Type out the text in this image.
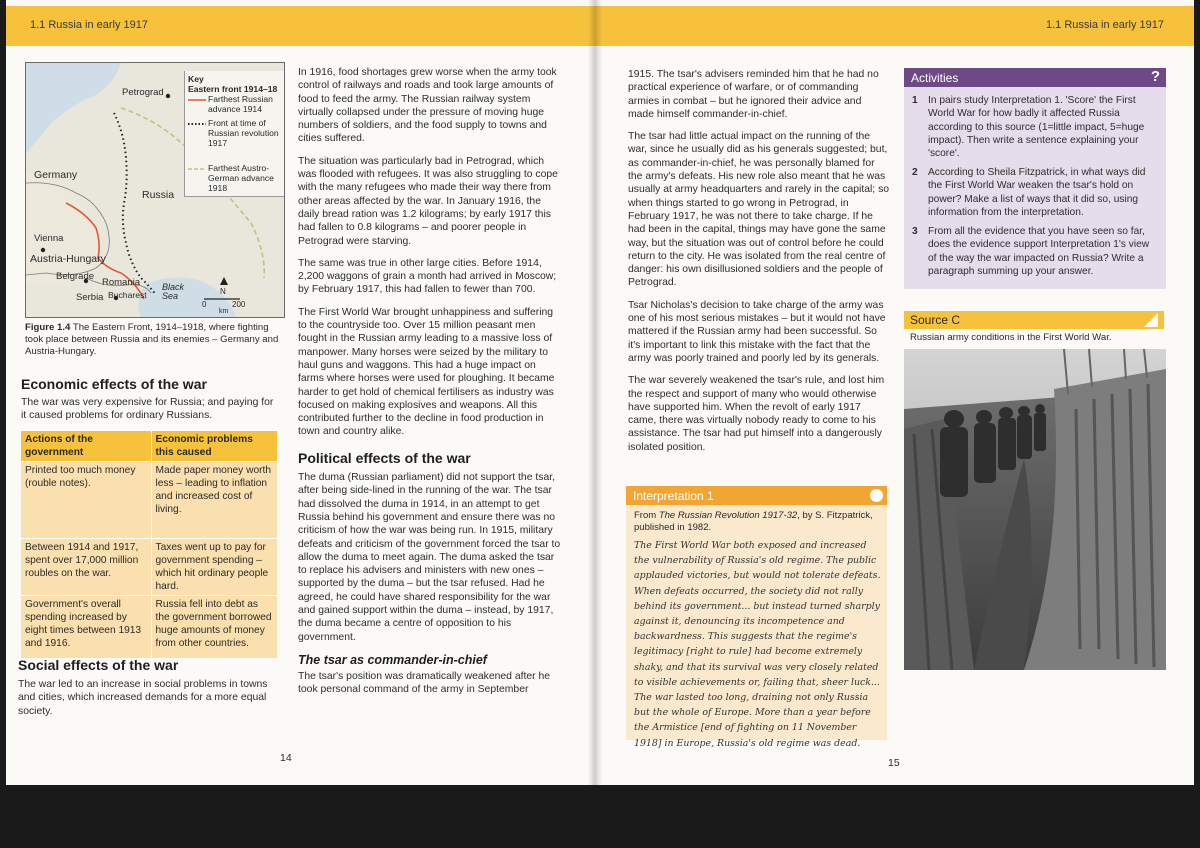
1.1 Russia in early 1917	1.1 Russia in early 1917
Petrograd
Germany
Russia
Vienna
Austria-Hungary
Belgrade
Romania
Serbia Bucharest
Black Sea	N
0	200
km
Key
Eastern front 1914–18
Farthest Russian advance 1914
Front at time of Russian revolution 1917
Farthest Austro-German advance 1918
Figure 1.4 The Eastern Front, 1914–1918, where fighting took place between Russia and its enemies – Germany and Austria-Hungary.
Economic effects of the war
The war was very expensive for Russia; and paying for it caused problems for ordinary Russians.
Actions of the government	Economic problems this caused
Printed too much money (rouble notes).	Made paper money worth less – leading to inflation and increased cost of living.
Between 1914 and 1917, spent over 17,000 million roubles on the war.	Taxes went up to pay for government spending – which hit ordinary people hard.
Government's overall spending increased by eight times between 1913 and 1916.	Russia fell into debt as the government borrowed huge amounts of money from other countries.
Social effects of the war
The war led to an increase in social problems in towns and cities, which increased demands for a more equal society.
14

In 1916, food shortages grew worse when the army took control of railways and roads and took large amounts of food to feed the army. The Russian railway system virtually collapsed under the pressure of moving huge numbers of soldiers, and the food supply to towns and cities suffered.

The situation was particularly bad in Petrograd, which was flooded with refugees. It was also struggling to cope with the many refugees who made their way there from other areas affected by the war. In January 1916, the daily bread ration was 1.2 kilograms; by early 1917 this had fallen to 0.8 kilograms – and poorer people in Petrograd were starving.

The same was true in other large cities. Before 1914, 2,200 waggons of grain a month had arrived in Moscow; by February 1917, this had fallen to fewer than 700.

The First World War brought unhappiness and suffering to the countryside too. Over 15 million peasant men fought in the Russian army leading to a massive loss of manpower. Many horses were seized by the military to haul guns and waggons. This had a huge impact on farms where horses were used for ploughing. It became harder to get hold of chemical fertilisers as industry was focused on making explosives and weapons. All this contributed further to the decline in food production in town and country alike.

Political effects of the war

The duma (Russian parliament) did not support the tsar, after being side-lined in the running of the war. The tsar had dissolved the duma in 1914, in an attempt to get Russia behind his government and ensure there was no criticism of how the war was being run. In 1915, military defeats and criticism of the government forced the tsar to allow the duma to meet again. The duma asked the tsar to replace his advisers and ministers with new ones – supported by the duma – but the tsar refused. Had he agreed, he could have shared responsibility for the war and gained support within the duma – instead, by 1917, the duma became a centre of opposition to his government.

The tsar as commander-in-chief

The tsar's position was dramatically weakened after he took personal command of the army in September

1915. The tsar's advisers reminded him that he had no practical experience of warfare, or of commanding armies in combat – but he ignored their advice and made himself commander-in-chief.

The tsar had little actual impact on the running of the war, since he usually did as his generals suggested; but, as commander-in-chief, he was personally blamed for the army's defeats. His new role also meant that he was usually at army headquarters and rarely in the capital; so when things started to go wrong in Petrograd, in February 1917, he was not there to take charge. If he had been in the capital, things may have gone the same way, but the situation was out of control before he could return to the city. He was isolated from the real centre of danger: his own disillusioned soldiers and the people of Petrograd.

Tsar Nicholas's decision to take charge of the army was one of his most serious mistakes – but it would not have mattered if the Russian army had been successful. So it's important to link this mistake with the fact that the army was poorly trained and poorly led by its generals.

The war severely weakened the tsar's rule, and lost him the respect and support of many who would otherwise have supported him. When the revolt of early 1917 came, there was virtually nobody ready to come to his assistance. The tsar had put himself into a dangerously isolated position.

Interpretation 1
From The Russian Revolution 1917-32, by S. Fitzpatrick, published in 1982.
The First World War both exposed and increased the vulnerability of Russia's old regime. The public applauded victories, but would not tolerate defeats. When defeats occurred, the society did not rally behind its government... but instead turned sharply against it, denouncing its incompetence and backwardness. This suggests that the regime's legitimacy [right to rule] had become extremely shaky, and that its survival was very closely related to visible achievements or, failing that, sheer luck... The war lasted too long, draining not only Russia but the whole of Europe. More than a year before the Armistice [end of fighting on 11 November 1918] in Europe, Russia's old regime was dead.
15
Activities	?
1 In pairs study Interpretation 1. 'Score' the First World War for how badly it affected Russia according to this source (1=little impact, 5=huge impact). Then write a sentence explaining your 'score'.
2 According to Sheila Fitzpatrick, in what ways did the First World War weaken the tsar's hold on power? Make a list of ways that it did so, using information from the interpretation.
3 From all the evidence that you have seen so far, does the evidence support Interpretation 1's view of the way the war impacted on Russia? Write a paragraph summing up your answer.
Source C
Russian army conditions in the First World War.
